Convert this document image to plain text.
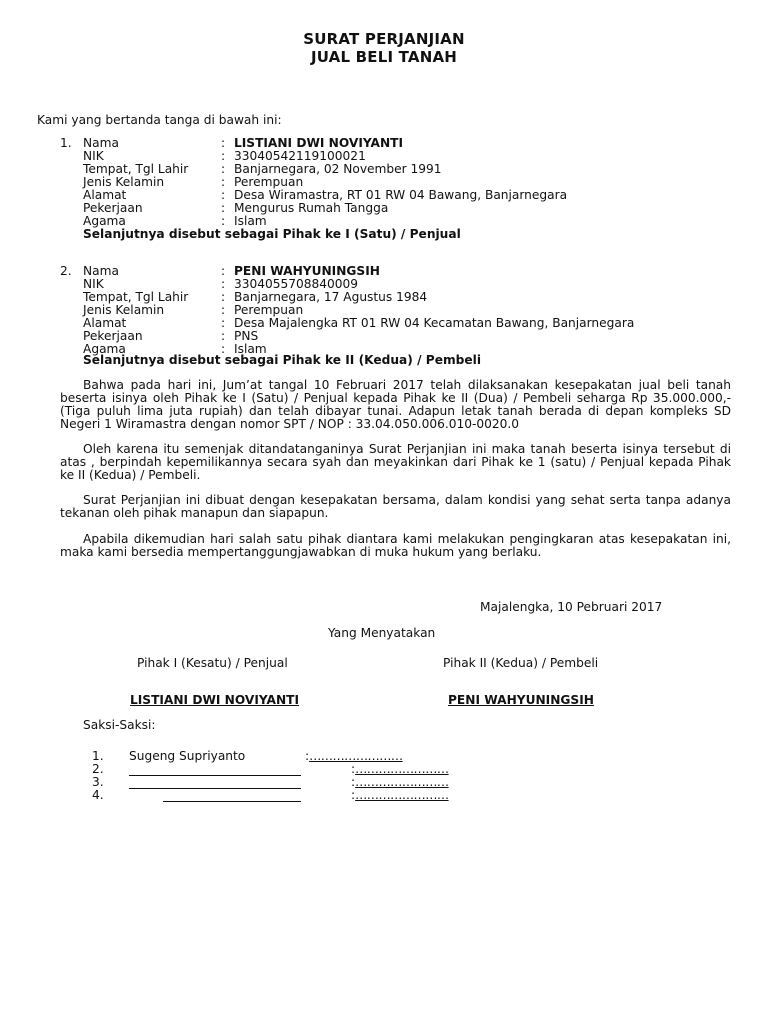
SURAT PERJANJIAN
JUAL BELI TANAH
Kami yang bertanda tanga di bawah ini:
1. Nama	: LISTIANI DWI NOVIYANTI
NIK	: 33040542119100021
Tempat, Tgl Lahir	: Banjarnegara, 02 November 1991
Jenis Kelamin	: Perempuan
Alamat	: Desa Wiramastra, RT 01 RW 04 Bawang, Banjarnegara
Pekerjaan	: Mengurus Rumah Tangga
Agama	: Islam
Selanjutnya disebut sebagai Pihak ke I (Satu) / Penjual
2. Nama	: PENI WAHYUNINGSIH
NIK	: 3304055708840009
Tempat, Tgl Lahir	: Banjarnegara, 17 Agustus 1984
Jenis Kelamin	: Perempuan
Alamat	: Desa Majalengka RT 01 RW 04 Kecamatan Bawang, Banjarnegara
Pekerjaan	: PNS
Agama	: Islam
Selanjutnya disebut sebagai Pihak ke II (Kedua) / Pembeli

Bahwa pada hari ini, Jum’at tangal 10 Februari 2017 telah dilaksanakan kesepakatan jual beli tanah beserta isinya oleh Pihak ke I (Satu) / Penjual kepada Pihak ke II (Dua) / Pembeli seharga Rp 35.000.000,- (Tiga puluh lima juta rupiah) dan telah dibayar tunai. Adapun letak tanah berada di depan kompleks SD Negeri 1 Wiramastra dengan nomor SPT / NOP : 33.04.050.006.010-0020.0

Oleh karena itu semenjak ditandatanganinya Surat Perjanjian ini maka tanah beserta isinya tersebut di atas , berpindah kepemilikannya secara syah dan meyakinkan dari Pihak ke 1 (satu) / Penjual kepada Pihak ke II (Kedua) / Pembeli.

Surat Perjanjian ini dibuat dengan kesepakatan bersama, dalam kondisi yang sehat serta tanpa adanya tekanan oleh pihak manapun dan siapapun.

Apabila dikemudian hari salah satu pihak diantara kami melakukan pengingkaran atas kesepakatan ini, maka kami bersedia mempertanggungjawabkan di muka hukum yang berlaku.

Majalengka, 10 Pebruari 2017
Yang Menyatakan
Pihak I (Kesatu) / Penjual	Pihak II (Kedua) / Pembeli
LISTIANI DWI NOVIYANTI	PENI WAHYUNINGSIH
Saksi-Saksi:
1.	Sugeng Supriyanto	: ……………………
2.	: ……………………
3.	: ……………………
4.	: ……………………
